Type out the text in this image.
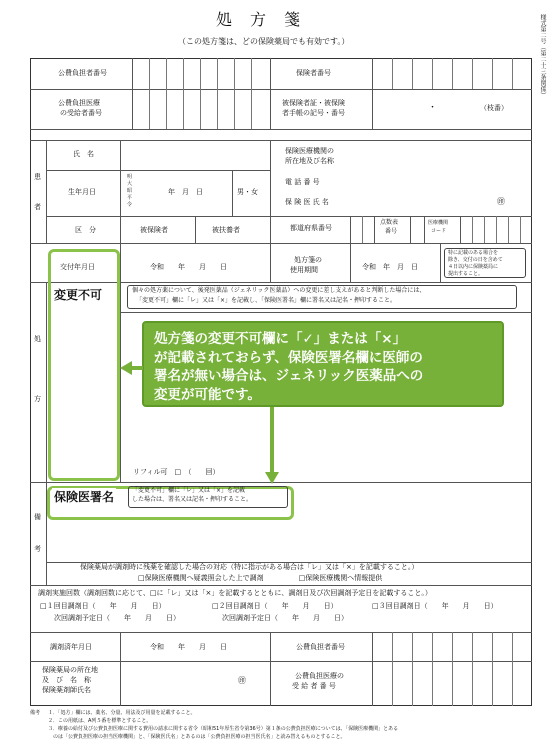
処方箋
（この処方箋は、どの保険薬局でも有効です。）	様式第二号（第二十三条関係）
公費負担者番号	保険者番号
公費負担医療
の受給者番号
被保険者証・被保険
者手帳の記号・番号	・	（枝番）
患
者
氏　名
生年月日
明
大
昭
平
令
年　月　日	男・女
区　分	被保険者	被扶養者
保険医療機関の
所在地及び名称
電 話 番 号
保 険 医 氏 名	㊞
都道府県番号
点数表
番号
医療機関
コード
交付年月日	令和　　年　　月　　日
処方箋の
使用期間	令和　年　月　日
特に記載のある場合を
除き、交付の日を含めて
４日以内に保険薬局に
提出すること。
処
方
個々の処方薬について、後発医薬品（ジェネリック医薬品）への変更に差し支えがあると判断した場合には、
「変更不可」欄に「レ」又は「×」を記載し、「保険医署名」欄に署名又は記名・押印すること。
リフィル可　□　（　　回）
変更不可
備
考
保険医署名	「変更不可」欄に「レ」又は「×」を記載
した場合は、署名又は記名・押印すること。
保険薬局が調剤時に残薬を確認した場合の対応（特に指示がある場合は「レ」又は「×」を記載すること。）
□保険医療機関へ疑義照会した上で調剤　　　　　□保険医療機関へ情報提供
調剤実施回数（調剤回数に応じて、□に「レ」又は「×」を記載するとともに、調剤日及び次回調剤予定日を記載すること。）
□１回目調剤日（　　年　　月　　日）	□２回目調剤日（　　年　　月　　日）	□３回目調剤日（　　年　　月　　日）
次回調剤予定日（　　年　　月　　日）	次回調剤予定日（　　年　　月　　日）
調剤済年月日	令和　　年　　月　　日	公費負担者番号
保険薬局の所在地
及　び　名　称
保険薬剤師氏名
㊞	公費負担医療の
受 給 者 番 号
備考 １．「処方」欄には、薬名、分量、用法及び用量を記載すること。
２．この用紙は、A列５番を標準とすること。
３．療養の給付及び公費負担医療に関する費用の請求に関する省令（昭和51年厚生省令第36号）第１条の公費負担医療については、「保険医療機関」とある
　のは「公費負担医療の担当医療機関」と、「保険医氏名」とあるのは「公費負担医療の担当医氏名」と読み替えるものとすること。
処方箋の変更不可欄に「✓」または「×」
が記載されておらず、保険医署名欄に医師の
署名が無い場合は、ジェネリック医薬品への
変更が可能です。
